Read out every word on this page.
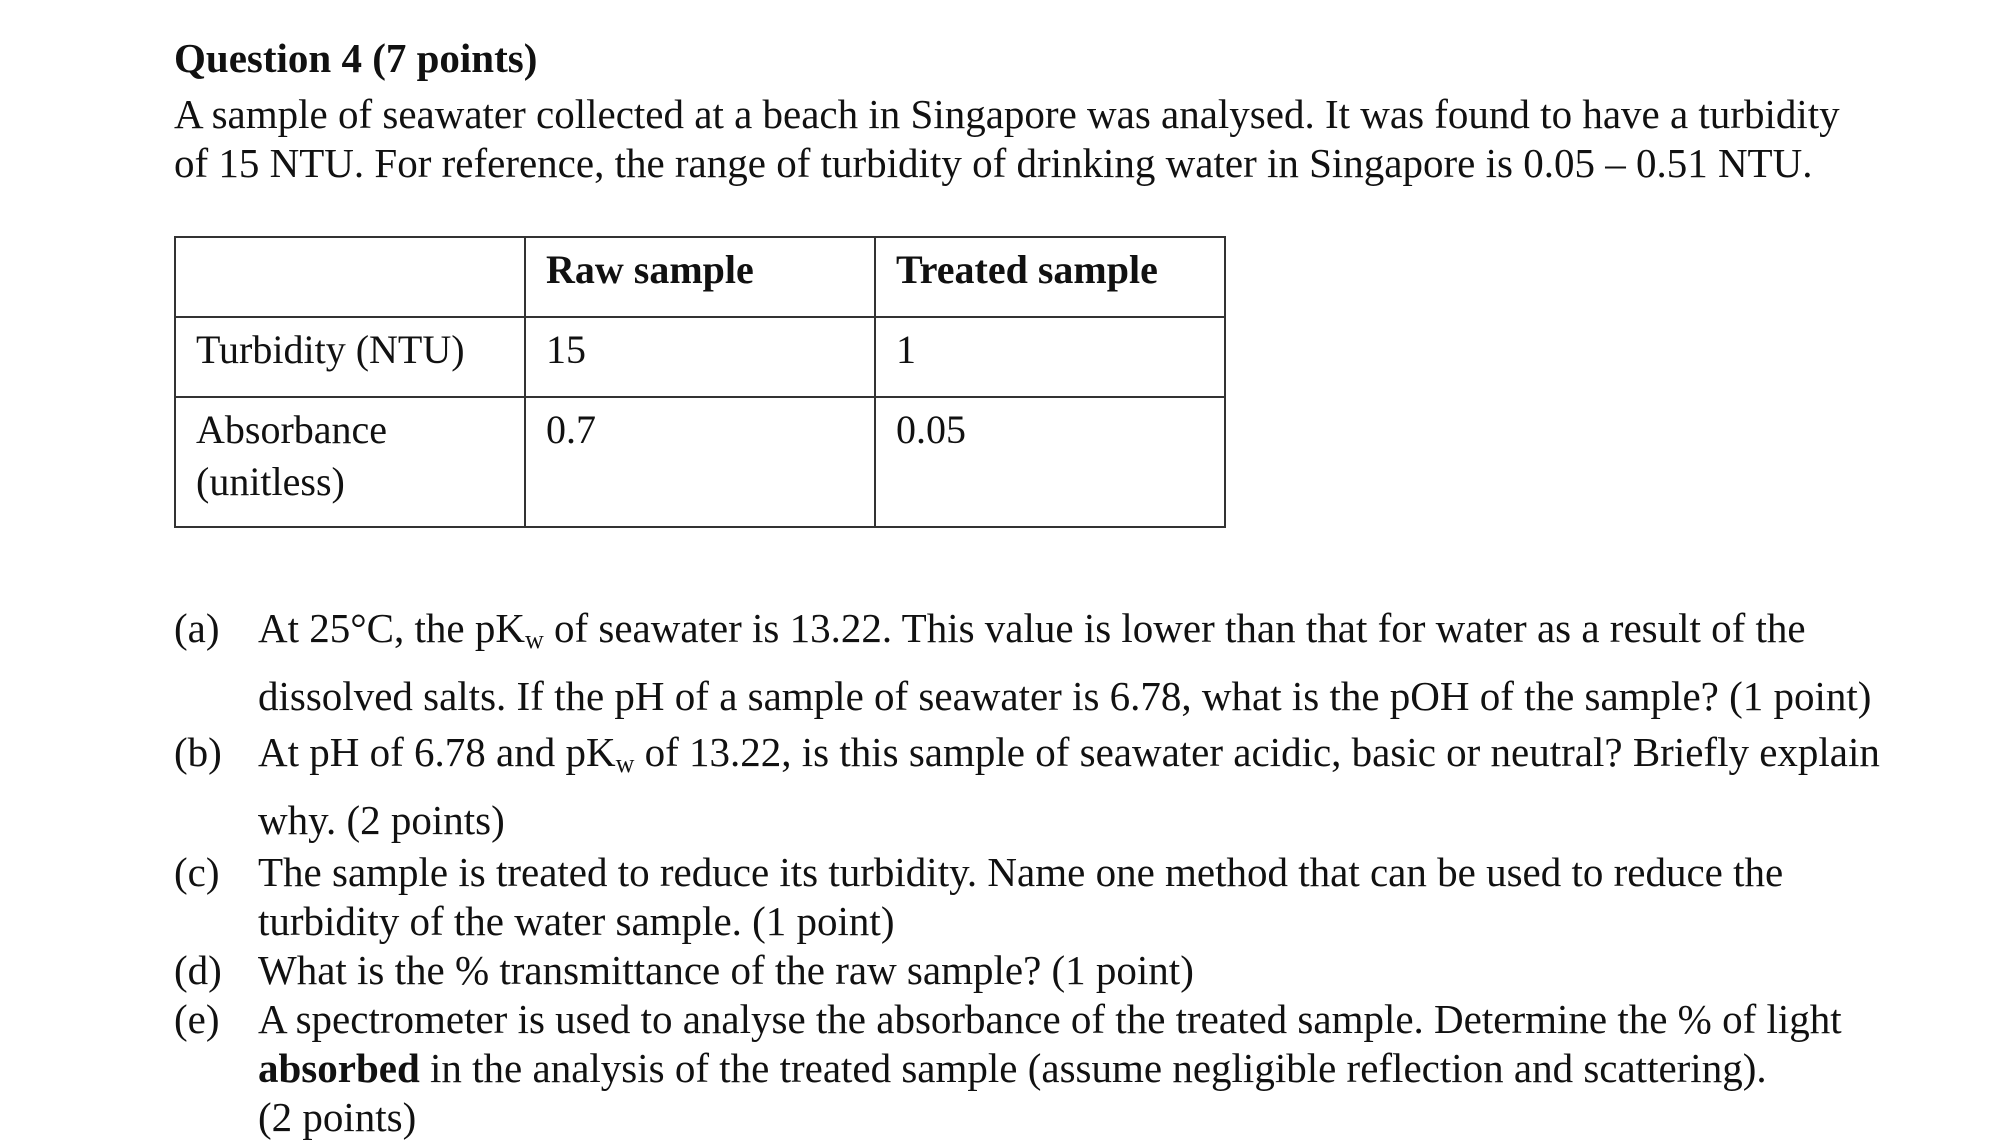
Question 4 (7 points)
A sample of seawater collected at a beach in Singapore was analysed. It was found to have a turbidity
of 15 NTU. For reference, the range of turbidity of drinking water in Singapore is 0.05 – 0.51 NTU.
	Raw sample	Treated sample

Turbidity (NTU)	15	1

Absorbance
(unitless)	0.7	0.05
(a) At 25°C, the $pK_w$ of seawater is 13.22. This value is lower than that for water as a result of the
dissolved salts. If the pH of a sample of seawater is 6.78, what is the pOH of the sample? (1 point)
(b) At pH of 6.78 and $pK_w$ of 13.22, is this sample of seawater acidic, basic or neutral? Briefly explain
why. (2 points)
(c) The sample is treated to reduce its turbidity. Name one method that can be used to reduce the
turbidity of the water sample. (1 point)
(d) What is the % transmittance of the raw sample? (1 point)
(e) A spectrometer is used to analyse the absorbance of the treated sample. Determine the % of light
absorbed in the analysis of the treated sample (assume negligible reflection and scattering).
(2 points)
